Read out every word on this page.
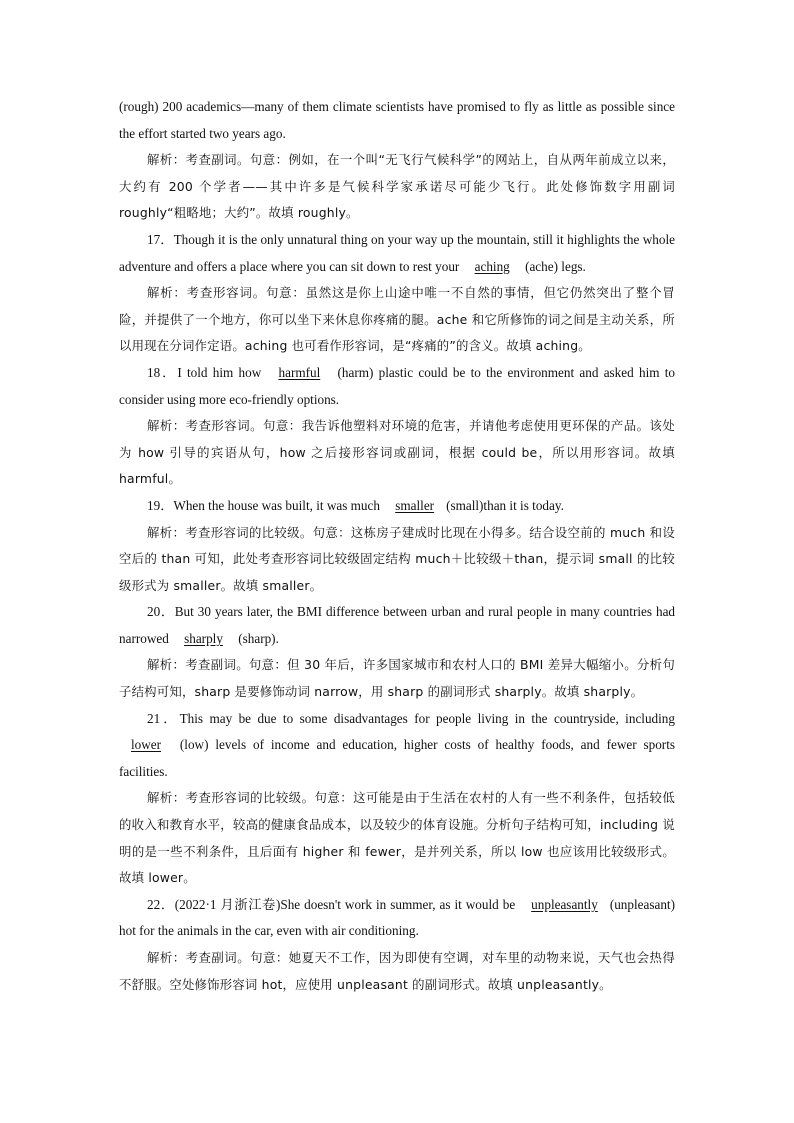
(rough) 200 academics—many of them climate scientists have promised to fly as little as possible since the effort started two years ago.

解析：考查副词。句意：例如，在一个叫“无飞行气候科学”的网站上，自从两年前成立以来，大约有 200 个学者——其中许多是气候科学家承诺尽可能少飞行。此处修饰数字用副词 roughly“粗略地；大约”。故填 roughly。

17．Though it is the only unnatural thing on your way up the mountain, still it highlights the whole adventure and offers a place where you can sit down to rest your aching (ache) legs.

解析：考查形容词。句意：虽然这是你上山途中唯一不自然的事情，但它仍然突出了整个冒险，并提供了一个地方，你可以坐下来休息你疼痛的腿。ache 和它所修饰的词之间是主动关系，所以用现在分词作定语。aching 也可看作形容词，是“疼痛的”的含义。故填 aching。

18．I told him how harmful (harm) plastic could be to the environment and asked him to consider using more eco-friendly options.

解析：考查形容词。句意：我告诉他塑料对环境的危害，并请他考虑使用更环保的产品。该处为 how 引导的宾语从句，how 之后接形容词或副词，根据 could be，所以用形容词。故填 harmful。

19．When the house was built, it was much smaller (small)than it is today.

解析：考查形容词的比较级。句意：这栋房子建成时比现在小得多。结合设空前的 much 和设空后的 than 可知，此处考查形容词比较级固定结构 much＋比较级＋than，提示词 small 的比较级形式为 smaller。故填 smaller。

20．But 30 years later, the BMI difference between urban and rural people in many countries had narrowed sharply (sharp).

解析：考查副词。句意：但 30 年后，许多国家城市和农村人口的 BMI 差异大幅缩小。分析句子结构可知，sharp 是要修饰动词 narrow，用 sharp 的副词形式 sharply。故填 sharply。

21．This may be due to some disadvantages for people living in the countryside, including lower (low) levels of income and education, higher costs of healthy foods, and fewer sports facilities.

解析：考查形容词的比较级。句意：这可能是由于生活在农村的人有一些不利条件，包括较低的收入和教育水平，较高的健康食品成本，以及较少的体育设施。分析句子结构可知，including 说明的是一些不利条件，且后面有 higher 和 fewer，是并列关系，所以 low 也应该用比较级形式。故填 lower。

22．(2022·1 月浙江卷)She doesn't work in summer, as it would be unpleasantly (unpleasant) hot for the animals in the car, even with air conditioning.

解析：考查副词。句意：她夏天不工作，因为即使有空调，对车里的动物来说，天气也会热得不舒服。空处修饰形容词 hot，应使用 unpleasant 的副词形式。故填 unpleasantly。
